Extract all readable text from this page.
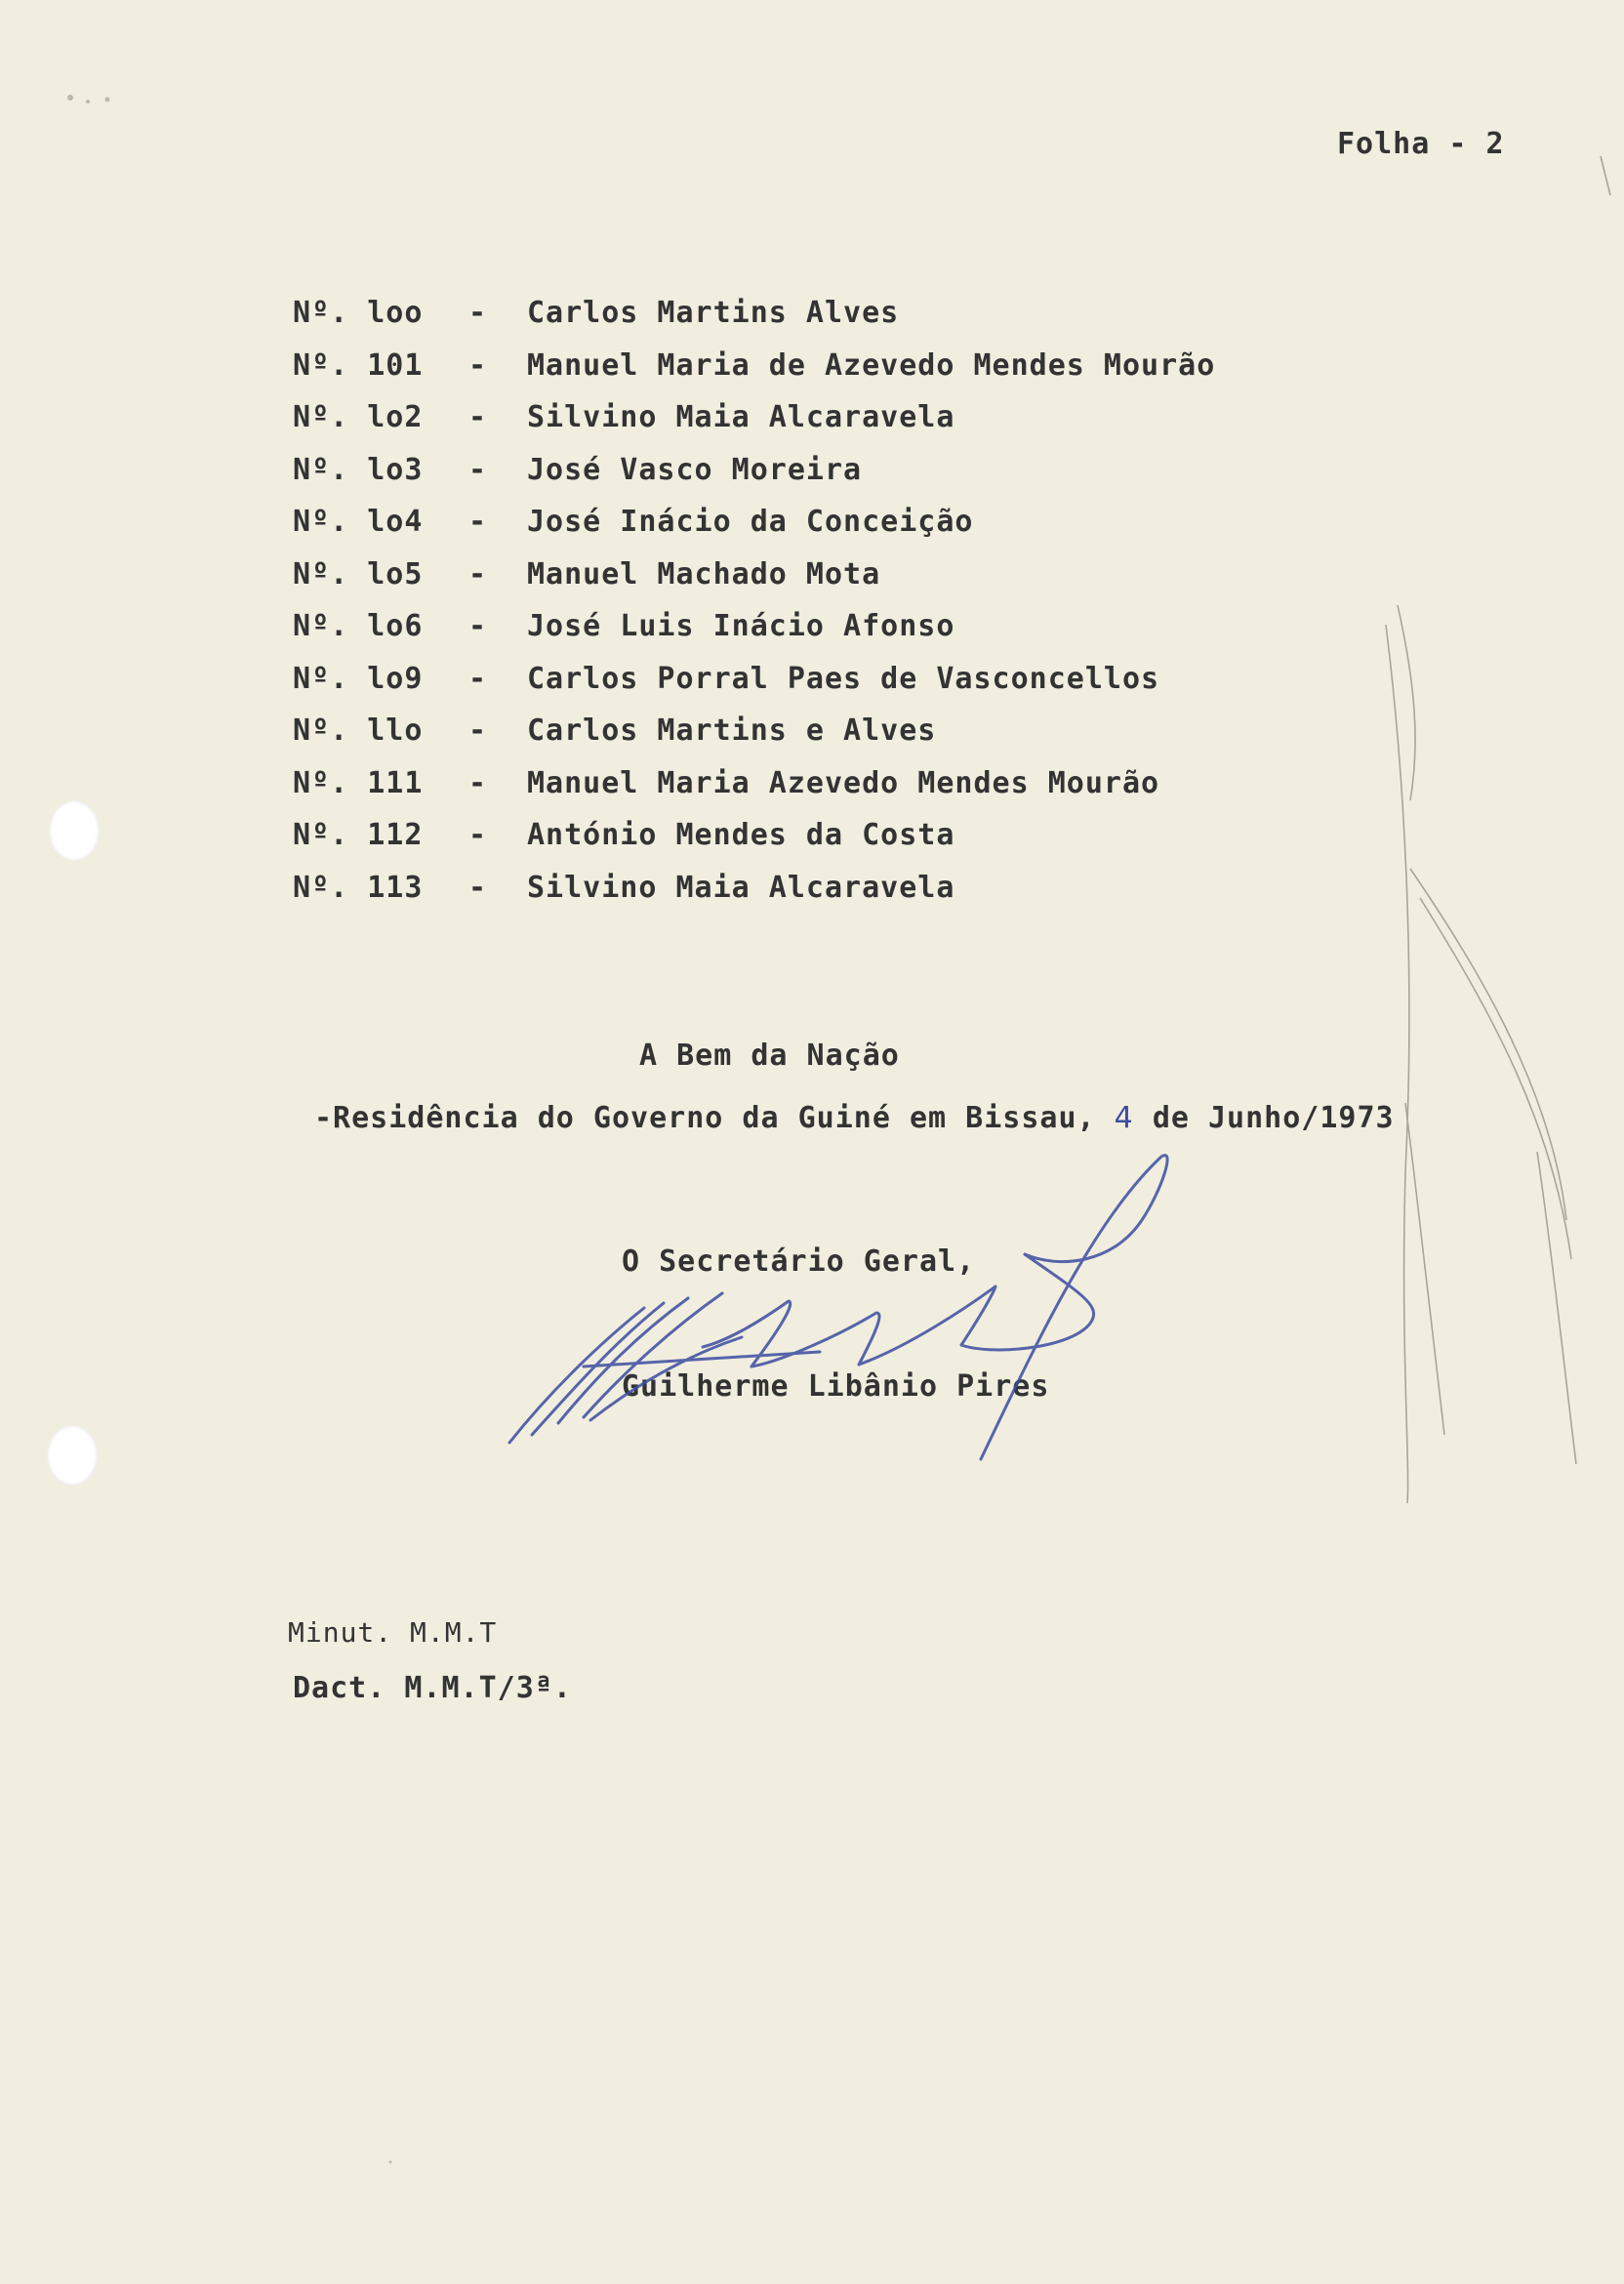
Folha - 2
Nº. loo	-	Carlos Martins Alves
Nº. 101	-	Manuel Maria de Azevedo Mendes Mourão
Nº. lo2	-	Silvino Maia Alcaravela
Nº. lo3	-	José Vasco Moreira
Nº. lo4	-	José Inácio da Conceição
Nº. lo5	-	Manuel Machado Mota
Nº. lo6	-	José Luis Inácio Afonso
Nº. lo9	-	Carlos Porral Paes de Vasconcellos
Nº. llo	-	Carlos Martins e Alves
Nº. 111	-	Manuel Maria Azevedo Mendes Mourão
Nº. 112	-	António Mendes da Costa
Nº. 113	-	Silvino Maia Alcaravela
A Bem da Nação
-Residência do Governo da Guiné em Bissau, 4 de Junho/1973
O Secretário Geral,
Guilherme Libânio Pires
Minut. M.M.T
Dact. M.M.T/3ª.
